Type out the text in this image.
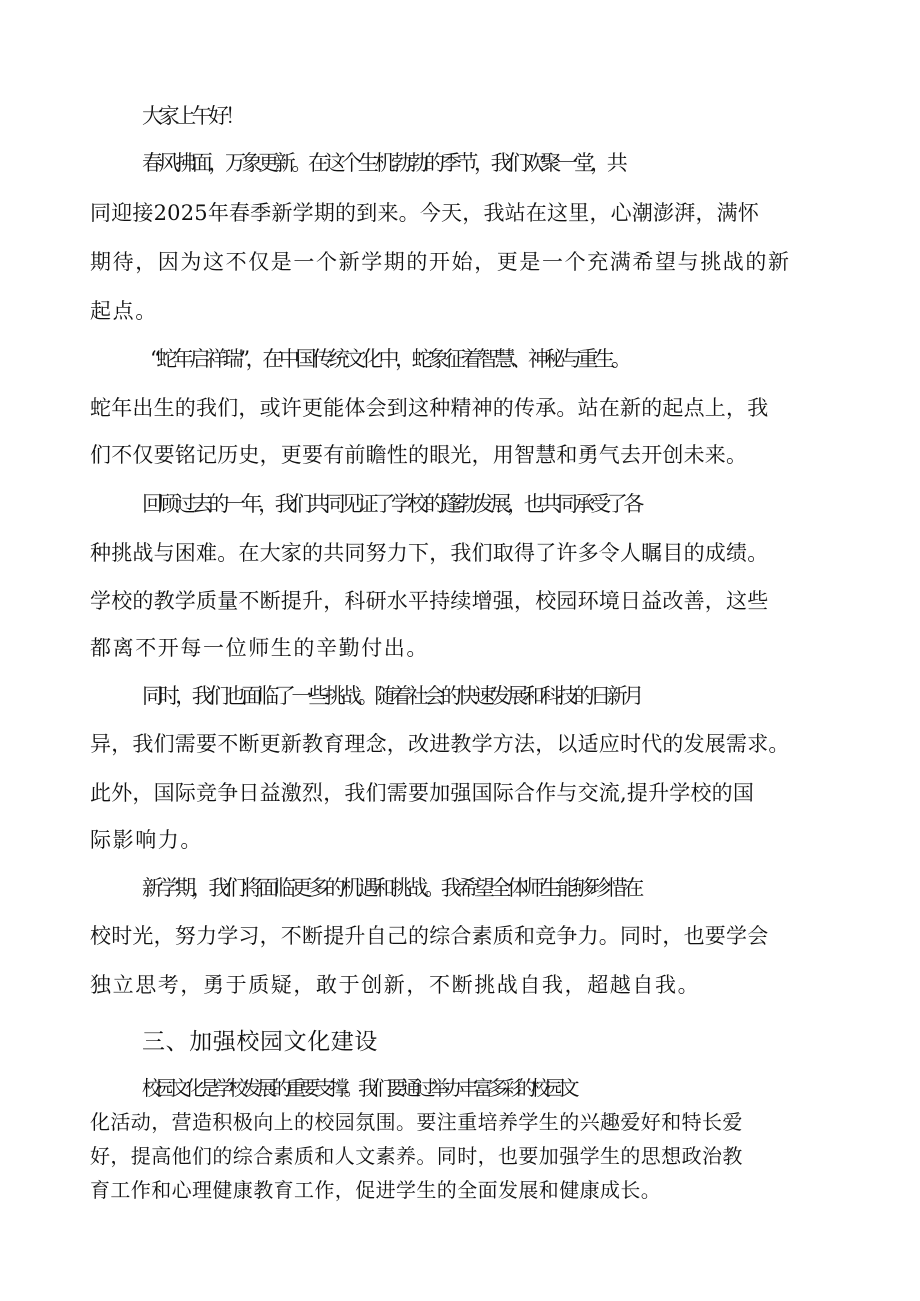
大家上午好！
春风拂面，万象更新。在这个生机勃勃的季节，我们欢聚一堂，共
同迎接2025年春季新学期的到来。今天，我站在这里，心潮澎湃，满怀
期待，因为这不仅是一个新学期的开始，更是一个充满希望与挑战的新
起点。
“蛇年启祥瑞”，在中国传统文化中，蛇象征着智慧、神秘与重生。
蛇年出生的我们，或许更能体会到这种精神的传承。站在新的起点上，我
们不仅要铭记历史，更要有前瞻性的眼光，用智慧和勇气去开创未来。
回顾过去的一年，我们共同见证了学校的蓬勃发展，也共同承受了各
种挑战与困难。在大家的共同努力下，我们取得了许多令人瞩目的成绩。
学校的教学质量不断提升，科研水平持续增强，校园环境日益改善，这些
都离不开每一位师生的辛勤付出。
同时，我们也面临了一些挑战。随着社会的快速发展和科技的日新月
异，我们需要不断更新教育理念，改进教学方法，以适应时代的发展需求。
此外，国际竞争日益激烈，我们需要加强国际合作与交流,提升学校的国
际影响力。
新学期，我们将面临更多的机遇和挑战。我希望全体师生能够珍惜在
校时光，努力学习，不断提升自己的综合素质和竞争力。同时，也要学会
独立思考，勇于质疑，敢于创新，不断挑战自我，超越自我。
三、加强校园文化建设
校园文化是学校发展的重要支撑。我们要通过举办丰富多彩的校园文
化活动，营造积极向上的校园氛围。要注重培养学生的兴趣爱好和特长爱
好，提高他们的综合素质和人文素养。同时，也要加强学生的思想政治教
育工作和心理健康教育工作，促进学生的全面发展和健康成长。
